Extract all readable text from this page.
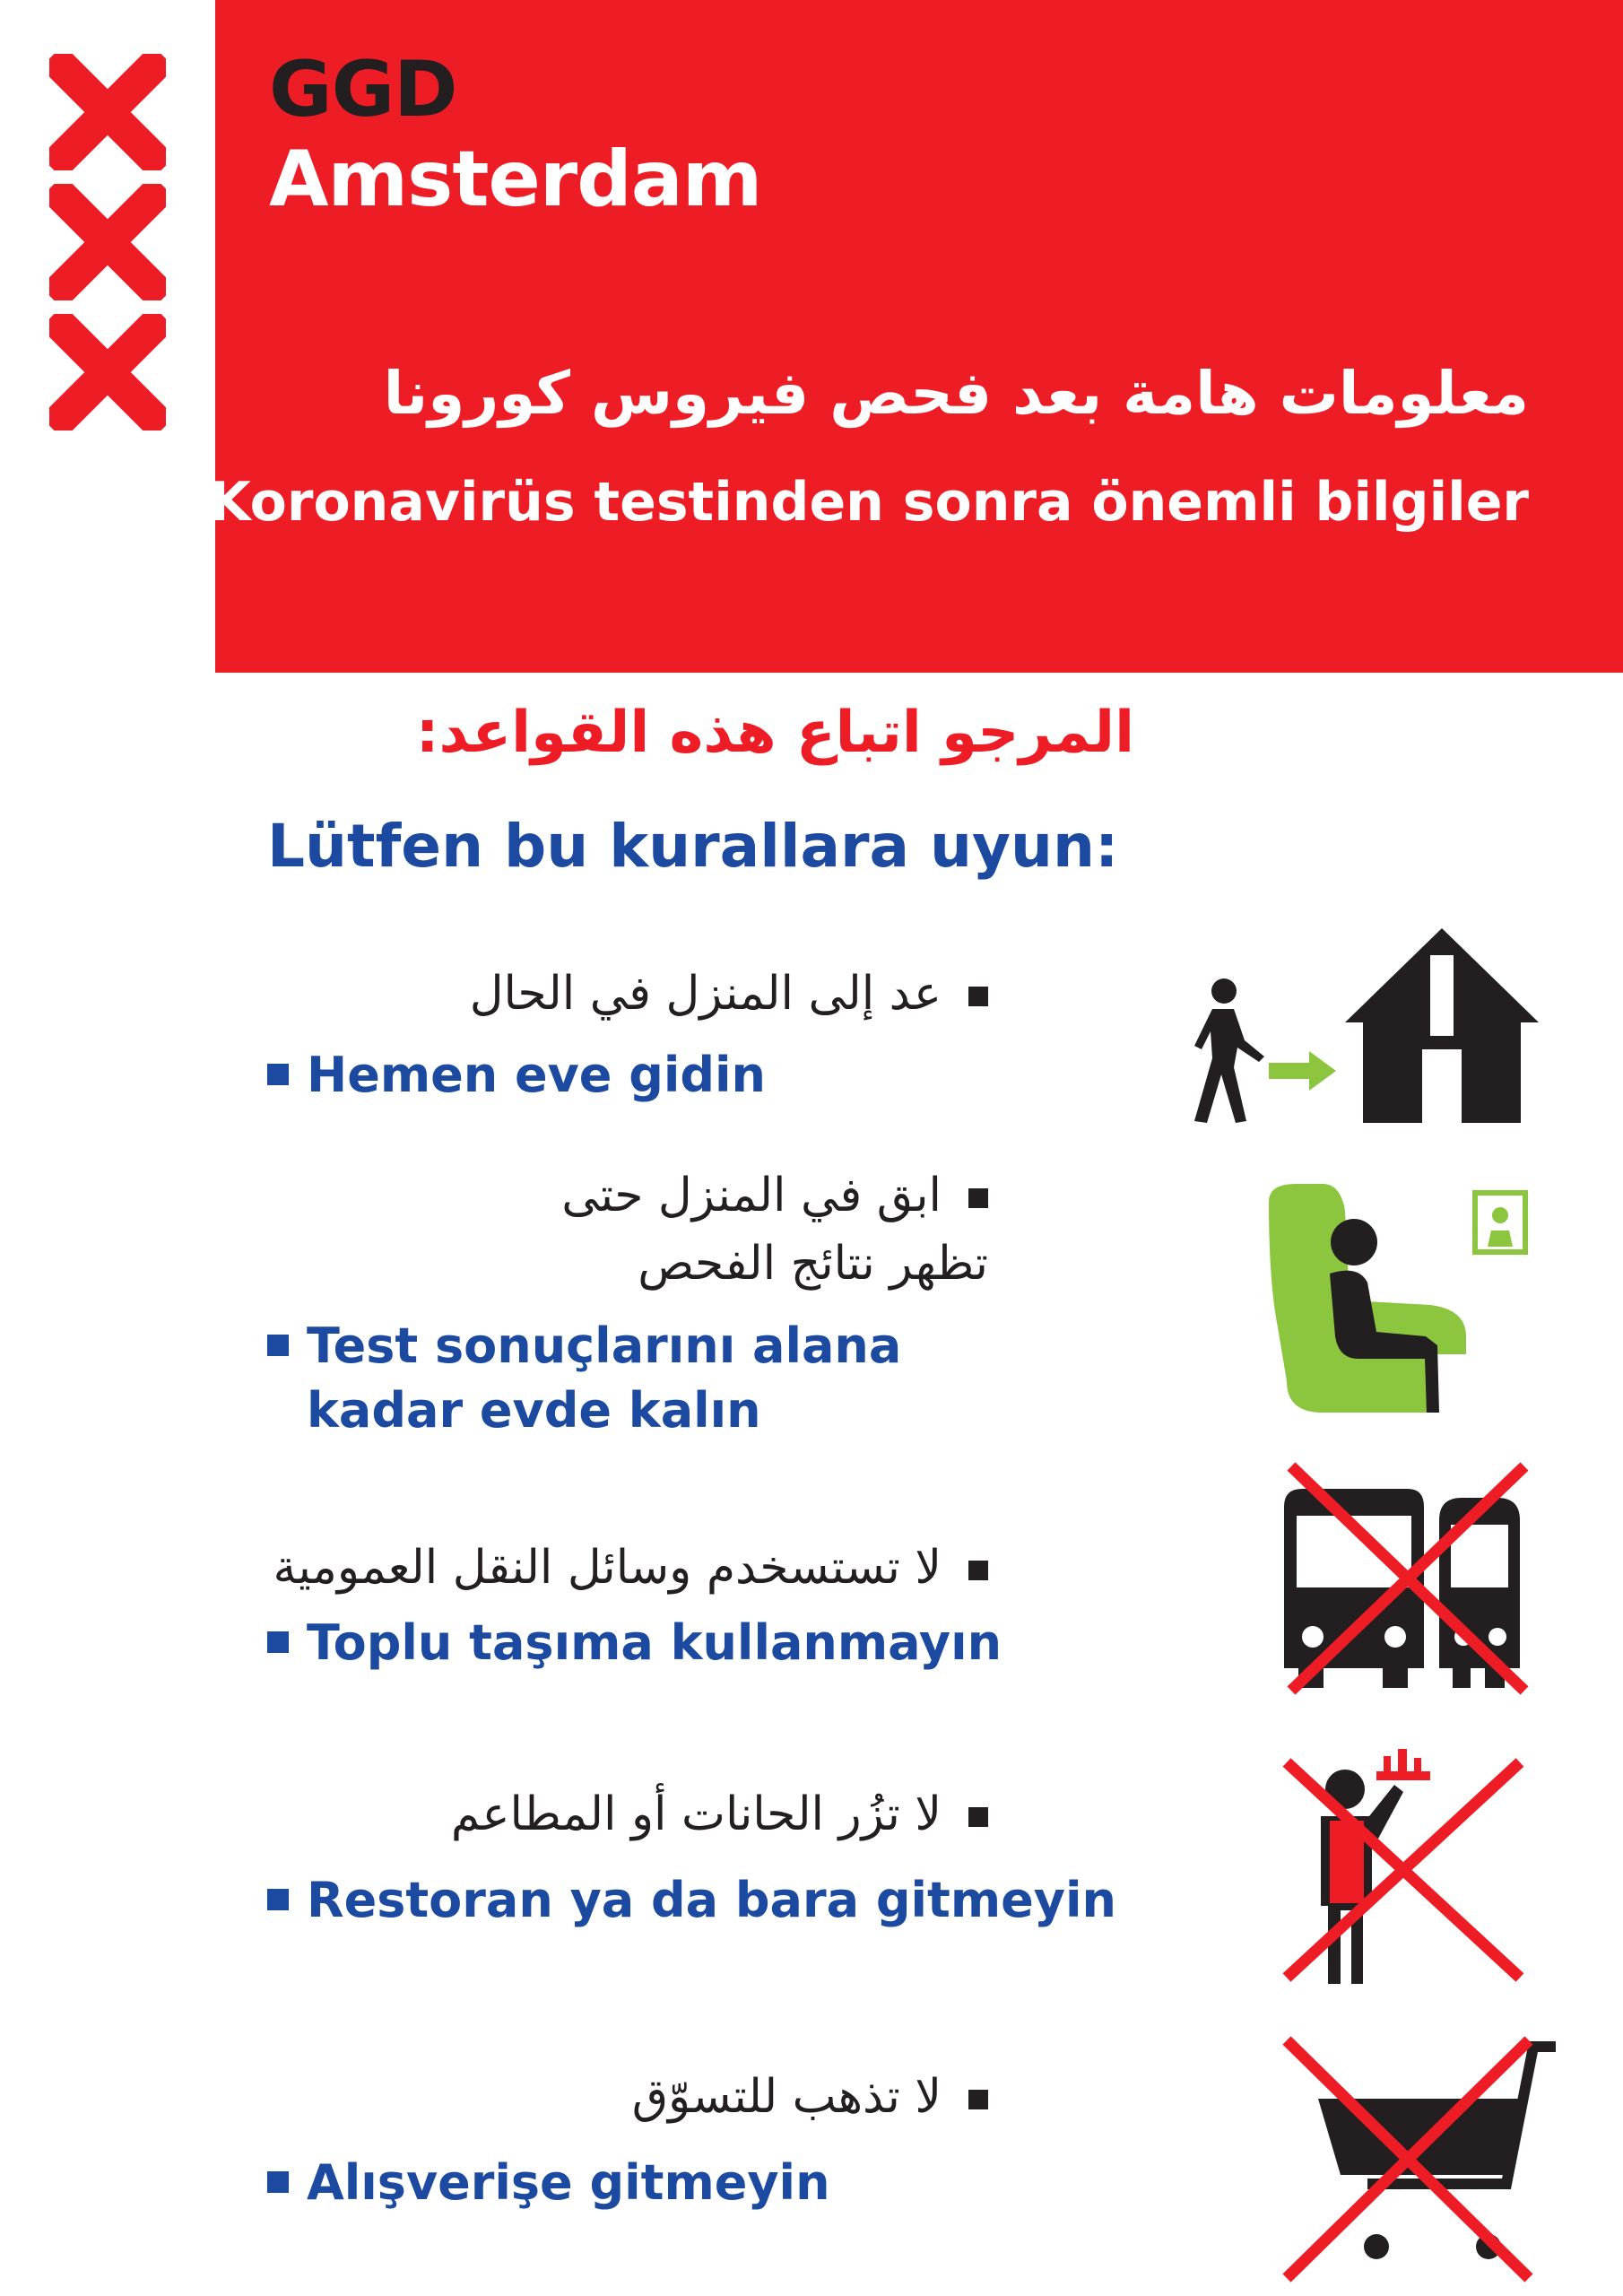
GGD
Amsterdam
معلومات هامة بعد فحص فيروس كورونا
Koronavirüs testinden sonra önemli bilgiler
المرجو اتباع هذه القواعد:
Lütfen bu kurallara uyun:
عد إلى المنزل في الحال
Hemen eve gidin
ابق في المنزل حتى
تظهر نتائج الفحص
Test sonuçlarını alana
kadar evde kalın
لا تستسخدم وسائل النقل العمومية
Toplu taşıma kullanmayın
لا تزُر الحانات أو المطاعم
Restoran ya da bara gitmeyin
لا تذهب للتسوّق
Alışverişe gitmeyin
